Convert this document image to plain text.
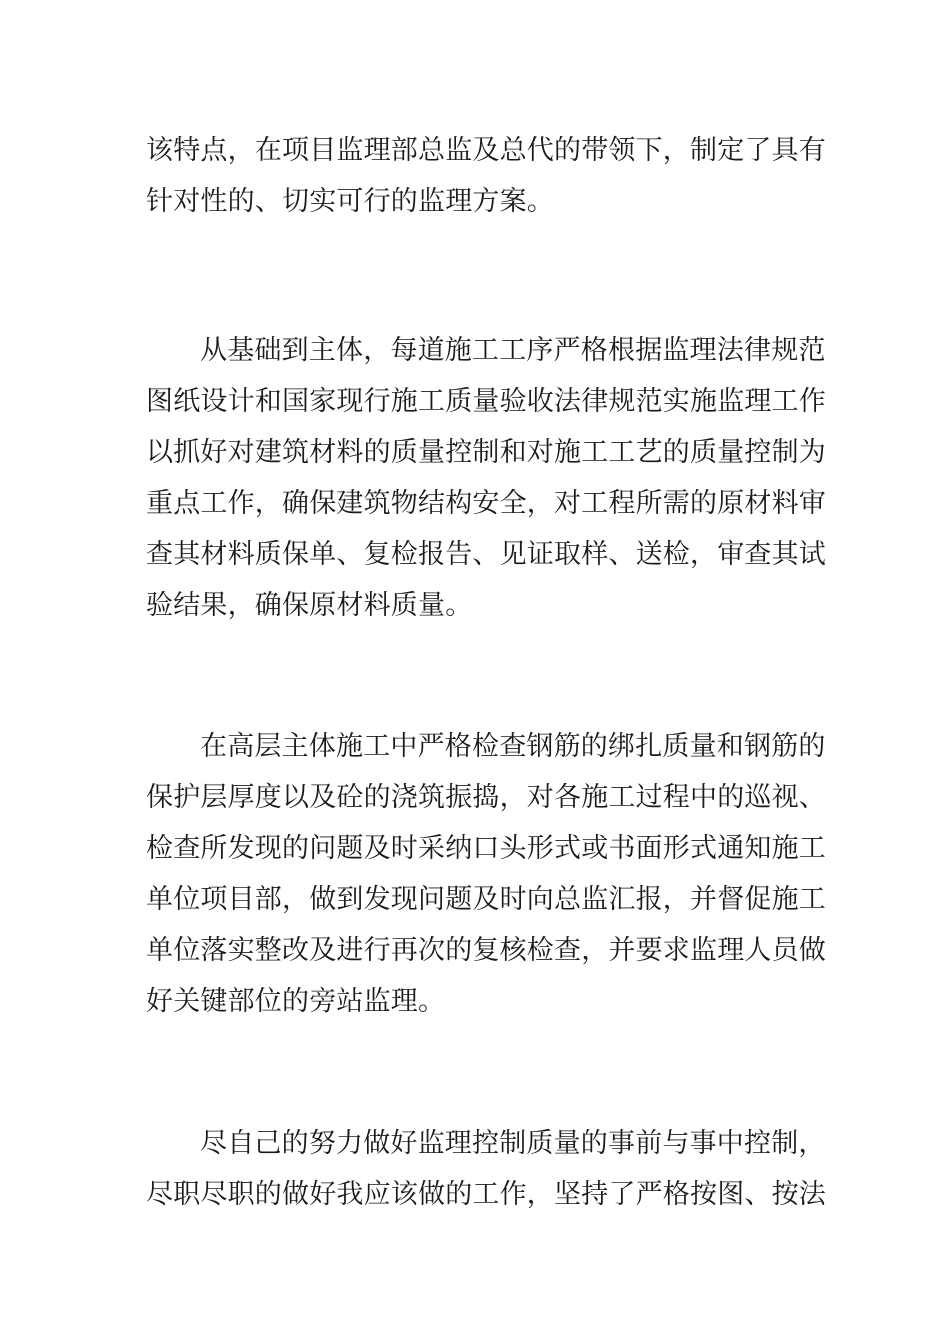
该特点，在项目监理部总监及总代的带领下，制定了具有
针对性的、切实可行的监理方案。
从基础到主体，每道施工工序严格根据监理法律规范
图纸设计和国家现行施工质量验收法律规范实施监理工作
以抓好对建筑材料的质量控制和对施工工艺的质量控制为
重点工作，确保建筑物结构安全，对工程所需的原材料审
查其材料质保单、复检报告、见证取样、送检，审查其试
验结果，确保原材料质量。
在高层主体施工中严格检查钢筋的绑扎质量和钢筋的
保护层厚度以及砼的浇筑振捣，对各施工过程中的巡视、
检查所发现的问题及时采纳口头形式或书面形式通知施工
单位项目部，做到发现问题及时向总监汇报，并督促施工
单位落实整改及进行再次的复核检查，并要求监理人员做
好关键部位的旁站监理。
尽自己的努力做好监理控制质量的事前与事中控制，
尽职尽职的做好我应该做的工作，坚持了严格按图、按法
